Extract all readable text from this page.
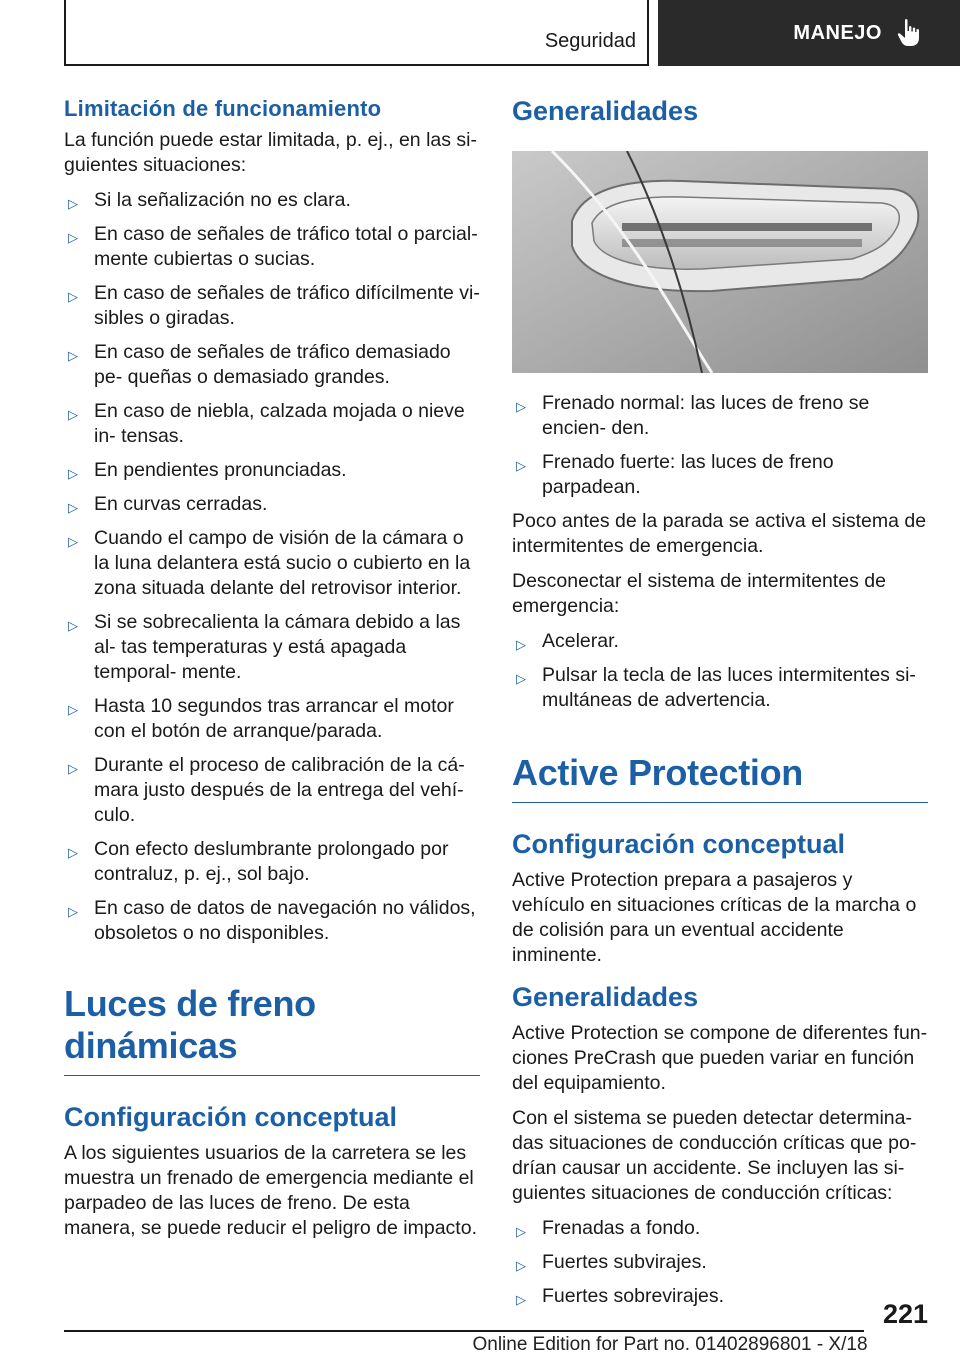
Seguridad	MANEJO
Limitación de funcionamiento

La función puede estar limitada, p. ej., en las si- guientes situaciones:

▷ Si la señalización no es clara.
▷ En caso de señales de tráfico total o parcial- mente cubiertas o sucias.
▷ En caso de señales de tráfico difícilmente vi- sibles o giradas.
▷ En caso de señales de tráfico demasiado pe- queñas o demasiado grandes.
▷ En caso de niebla, calzada mojada o nieve in- tensas.
▷ En pendientes pronunciadas.
▷ En curvas cerradas.
▷ Cuando el campo de visión de la cámara o la luna delantera está sucio o cubierto en la zona situada delante del retrovisor interior.
▷ Si se sobrecalienta la cámara debido a las al- tas temperaturas y está apagada temporal- mente.
▷ Hasta 10 segundos tras arrancar el motor con el botón de arranque/parada.
▷ Durante el proceso de calibración de la cá- mara justo después de la entrega del vehí- culo.
▷ Con efecto deslumbrante prolongado por contraluz, p. ej., sol bajo.
▷ En caso de datos de navegación no válidos, obsoletos o no disponibles.
Luces de freno dinámicas
Configuración conceptual

A los siguientes usuarios de la carretera se les muestra un frenado de emergencia mediante el parpadeo de las luces de freno. De esta manera, se puede reducir el peligro de impacto.

Generalidades
▷ Frenado normal: las luces de freno se encien- den.
▷ Frenado fuerte: las luces de freno parpadean.

Poco antes de la parada se activa el sistema de intermitentes de emergencia.

Desconectar el sistema de intermitentes de emergencia:

▷ Acelerar.
▷ Pulsar la tecla de las luces intermitentes si- multáneas de advertencia.
Active Protection
Configuración conceptual

Active Protection prepara a pasajeros y vehículo en situaciones críticas de la marcha o de colisión para un eventual accidente inminente.

Generalidades

Active Protection se compone de diferentes fun- ciones PreCrash que pueden variar en función del equipamiento.

Con el sistema se pueden detectar determina- das situaciones de conducción críticas que po- drían causar un accidente. Se incluyen las si- guientes situaciones de conducción críticas:

▷ Frenadas a fondo.
▷ Fuertes subvirajes.
▷ Fuertes sobrevirajes.
221
Online Edition for Part no. 01402896801 - X/18
